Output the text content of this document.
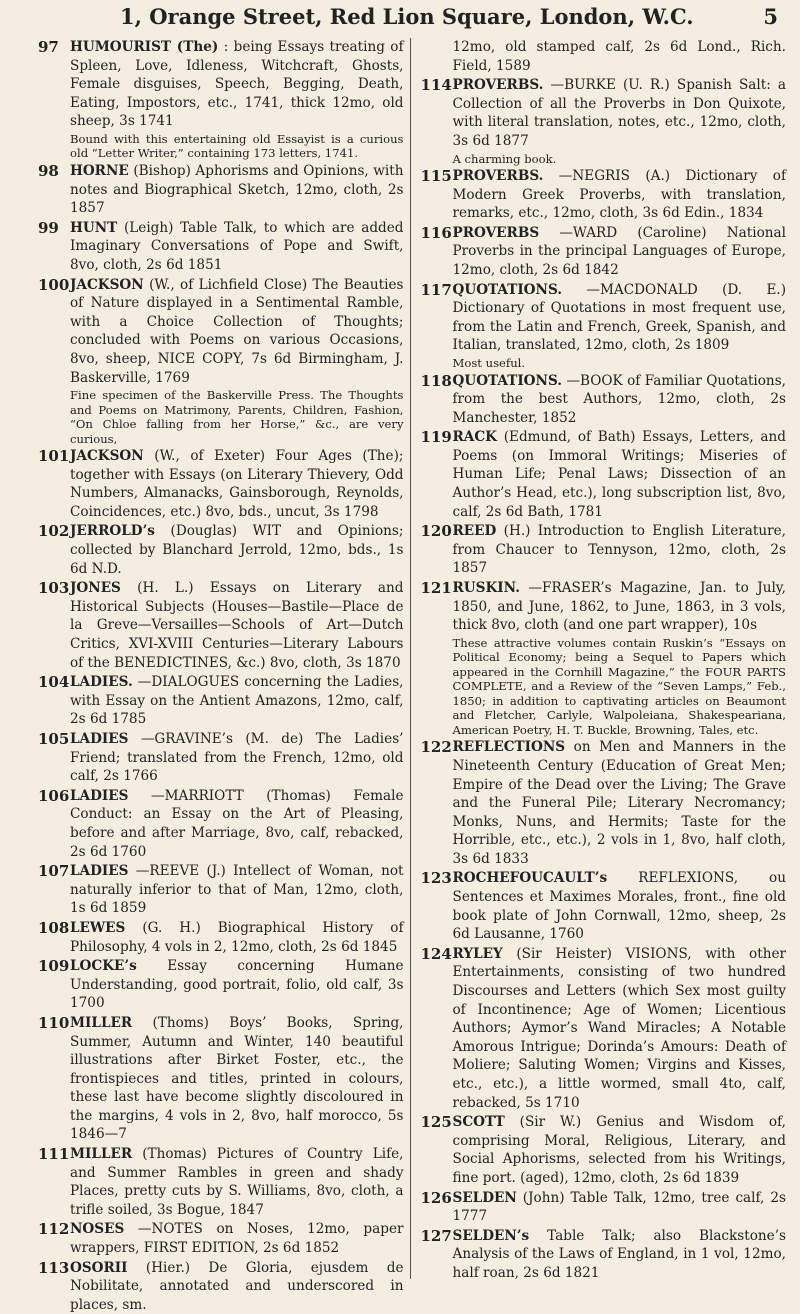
1, Orange Street, Red Lion Square, London, W.C.	5
97 HUMOURIST (The) : being Essays treating of Spleen, Love, Idleness, Witchcraft, Ghosts, Female disguises, Speech, Begging, Death, Eating, Impostors, etc., 1741, thick 12mo, old sheep, 3s 1741
Bound with this entertaining old Essayist is a curious old “Letter Writer,” containing 173 letters, 1741.
98 HORNE (Bishop) Aphorisms and Opinions, with notes and Biographical Sketch, 12mo, cloth, 2s 1857
99 HUNT (Leigh) Table Talk, to which are added Imaginary Conversations of Pope and Swift, 8vo, cloth, 2s 6d 1851
100 JACKSON (W., of Lichfield Close) The Beauties of Nature displayed in a Sentimental Ramble, with a Choice Collection of Thoughts; concluded with Poems on various Occasions, 8vo, sheep, NICE COPY, 7s 6d Birmingham, J. Baskerville, 1769
Fine specimen of the Baskerville Press. The Thoughts and Poems on Matrimony, Parents, Children, Fashion, “On Chloe falling from her Horse,” &c., are very curious,
101 JACKSON (W., of Exeter) Four Ages (The); together with Essays (on Literary Thievery, Odd Numbers, Almanacks, Gainsborough, Reynolds, Coincidences, etc.) 8vo, bds., uncut, 3s 1798
102 JERROLD’s (Douglas) WIT and Opinions; collected by Blanchard Jerrold, 12mo, bds., 1s 6d N.D.
103 JONES (H. L.) Essays on Literary and Historical Subjects (Houses—Bastile—Place de la Greve—Versailles—Schools of Art—Dutch Critics, XVI-XVIII Centuries—Literary Labours of the BENEDICTINES, &c.) 8vo, cloth, 3s 1870
104 LADIES. —DIALOGUES concerning the Ladies, with Essay on the Antient Amazons, 12mo, calf, 2s 6d 1785
105 LADIES —GRAVINE’s (M. de) The Ladies’ Friend; translated from the French, 12mo, old calf, 2s 1766
106 LADIES —MARRIOTT (Thomas) Female Conduct: an Essay on the Art of Pleasing, before and after Marriage, 8vo, calf, rebacked, 2s 6d 1760
107 LADIES —REEVE (J.) Intellect of Woman, not naturally inferior to that of Man, 12mo, cloth, 1s 6d 1859
108 LEWES (G. H.) Biographical History of Philosophy, 4 vols in 2, 12mo, cloth, 2s 6d 1845
109 LOCKE’s Essay concerning Humane Understanding, good portrait, folio, old calf, 3s 1700
110 MILLER (Thoms) Boys’ Books, Spring, Summer, Autumn and Winter, 140 beautiful illustrations after Birket Foster, etc., the frontispieces and titles, printed in colours, these last have become slightly discoloured in the margins, 4 vols in 2, 8vo, half morocco, 5s 1846—7
111 MILLER (Thomas) Pictures of Country Life, and Summer Rambles in green and shady Places, pretty cuts by S. Williams, 8vo, cloth, a trifle soiled, 3s Bogue, 1847
112 NOSES —NOTES on Noses, 12mo, paper wrappers, FIRST EDITION, 2s 6d 1852
113 OSORII (Hier.) De Gloria, ejusdem de Nobilitate, annotated and underscored in places, sm.
12mo, old stamped calf, 2s 6d Lond., Rich. Field, 1589
114 PROVERBS. —BURKE (U. R.) Spanish Salt: a Collection of all the Proverbs in Don Quixote, with literal translation, notes, etc., 12mo, cloth, 3s 6d 1877
A charming book.
115 PROVERBS. —NEGRIS (A.) Dictionary of Modern Greek Proverbs, with translation, remarks, etc., 12mo, cloth, 3s 6d Edin., 1834
116 PROVERBS —WARD (Caroline) National Proverbs in the principal Languages of Europe, 12mo, cloth, 2s 6d 1842
117 QUOTATIONS. —MACDONALD (D. E.) Dictionary of Quotations in most frequent use, from the Latin and French, Greek, Spanish, and Italian, translated, 12mo, cloth, 2s 1809
Most useful.
118 QUOTATIONS. —BOOK of Familiar Quotations, from the best Authors, 12mo, cloth, 2s Manchester, 1852
119 RACK (Edmund, of Bath) Essays, Letters, and Poems (on Immoral Writings; Miseries of Human Life; Penal Laws; Dissection of an Author’s Head, etc.), long subscription list, 8vo, calf, 2s 6d Bath, 1781
120 REED (H.) Introduction to English Literature, from Chaucer to Tennyson, 12mo, cloth, 2s 1857
121 RUSKIN. —FRASER’s Magazine, Jan. to July, 1850, and June, 1862, to June, 1863, in 3 vols, thick 8vo, cloth (and one part wrapper), 10s
These attractive volumes contain Ruskin’s “Essays on Political Economy; being a Sequel to Papers which appeared in the Cornhill Magazine,” the FOUR PARTS COMPLETE, and a Review of the “Seven Lamps,” Feb., 1850; in addition to captivating articles on Beaumont and Fletcher, Carlyle, Walpoleiana, Shakespeariana, American Poetry, H. T. Buckle, Browning, Tales, etc.
122 REFLECTIONS on Men and Manners in the Nineteenth Century (Education of Great Men; Empire of the Dead over the Living; The Grave and the Funeral Pile; Literary Necromancy; Monks, Nuns, and Hermits; Taste for the Horrible, etc., etc.), 2 vols in 1, 8vo, half cloth, 3s 6d 1833
123 ROCHEFOUCAULT’s REFLEXIONS, ou Sentences et Maximes Morales, front., fine old book plate of John Cornwall, 12mo, sheep, 2s 6d Lausanne, 1760
124 RYLEY (Sir Heister) VISIONS, with other Entertainments, consisting of two hundred Discourses and Letters (which Sex most guilty of Incontinence; Age of Women; Licentious Authors; Aymor’s Wand Miracles; A Notable Amorous Intrigue; Dorinda’s Amours: Death of Moliere; Saluting Women; Virgins and Kisses, etc., etc.), a little wormed, small 4to, calf, rebacked, 5s 1710
125 SCOTT (Sir W.) Genius and Wisdom of, comprising Moral, Religious, Literary, and Social Aphorisms, selected from his Writings, fine port. (aged), 12mo, cloth, 2s 6d 1839
126 SELDEN (John) Table Talk, 12mo, tree calf, 2s 1777
127 SELDEN’s Table Talk; also Blackstone’s Analysis of the Laws of England, in 1 vol, 12mo, half roan, 2s 6d 1821
